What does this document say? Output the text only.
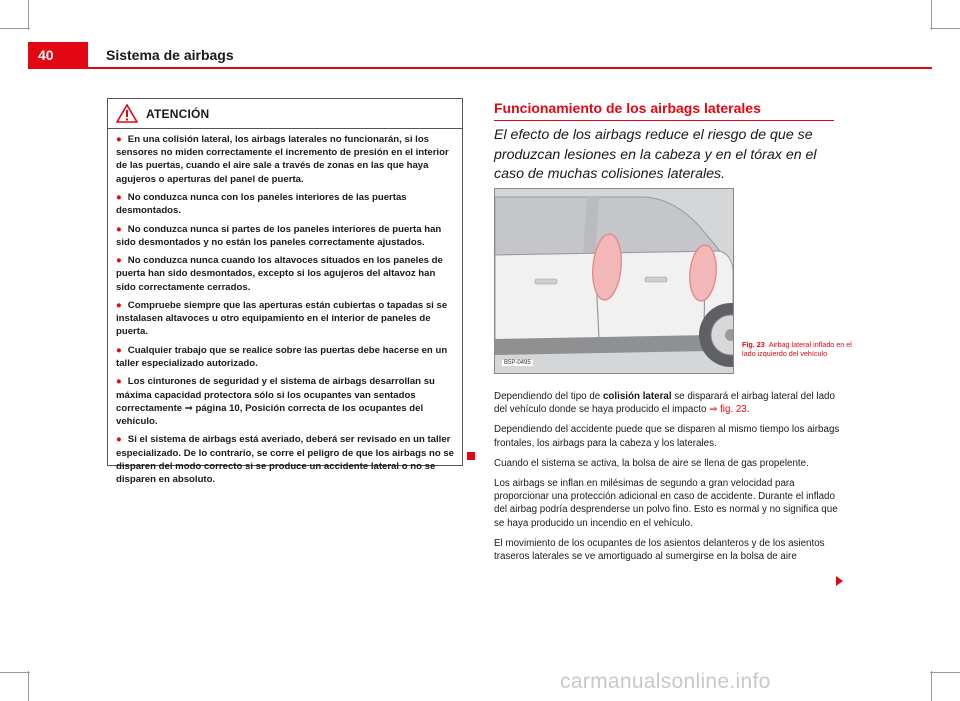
40	Sistema de airbags
ATENCIÓN

● En una colisión lateral, los airbags laterales no funcionarán, si los sensores no miden correctamente el incremento de presión en el interior de las puertas, cuando el aire sale a través de zonas en las que haya agujeros o aperturas del panel de puerta.

● No conduzca nunca con los paneles interiores de las puertas desmontados.

● No conduzca nunca si partes de los paneles interiores de puerta han sido desmontados y no están los paneles correctamente ajustados.

● No conduzca nunca cuando los altavoces situados en los paneles de puerta han sido desmontados, excepto si los agujeros del altavoz han sido correctamente cerrados.

● Compruebe siempre que las aperturas están cubiertas o tapadas si se instalasen altavoces u otro equipamiento en el interior de paneles de puerta.

● Cualquier trabajo que se realice sobre las puertas debe hacerse en un taller especializado autorizado.

● Los cinturones de seguridad y el sistema de airbags desarrollan su máxima capacidad protectora sólo si los ocupantes van sentados correctamente ⇒ página 10, Posición correcta de los ocupantes del vehículo.

● Si el sistema de airbags está averiado, deberá ser revisado en un taller especializado. De lo contrario, se corre el peligro de que los airbags no se disparen del modo correcto si se produce un accidente lateral o no se disparen en absoluto.

Funcionamiento de los airbags laterales
El efecto de los airbags reduce el riesgo de que se produzcan lesiones en la cabeza y en el tórax en el caso de muchas colisiones laterales.
B5P-0495
Fig. 23 Airbag lateral inflado en el lado izquierdo del vehículo

Dependiendo del tipo de colisión lateral se disparará el airbag lateral del lado del vehículo donde se haya producido el impacto ⇒ fig. 23.

Dependiendo del accidente puede que se disparen al mismo tiempo los airbags frontales, los airbags para la cabeza y los laterales.

Cuando el sistema se activa, la bolsa de aire se llena de gas propelente.

Los airbags se inflan en milésimas de segundo a gran velocidad para proporcionar una protección adicional en caso de accidente. Durante el inflado del airbag podría desprenderse un polvo fino. Esto es normal y no significa que se haya producido un incendio en el vehículo.

El movimiento de los ocupantes de los asientos delanteros y de los asientos traseros laterales se ve amortiguado al sumergirse en la bolsa de aire

carmanualsonline.info
